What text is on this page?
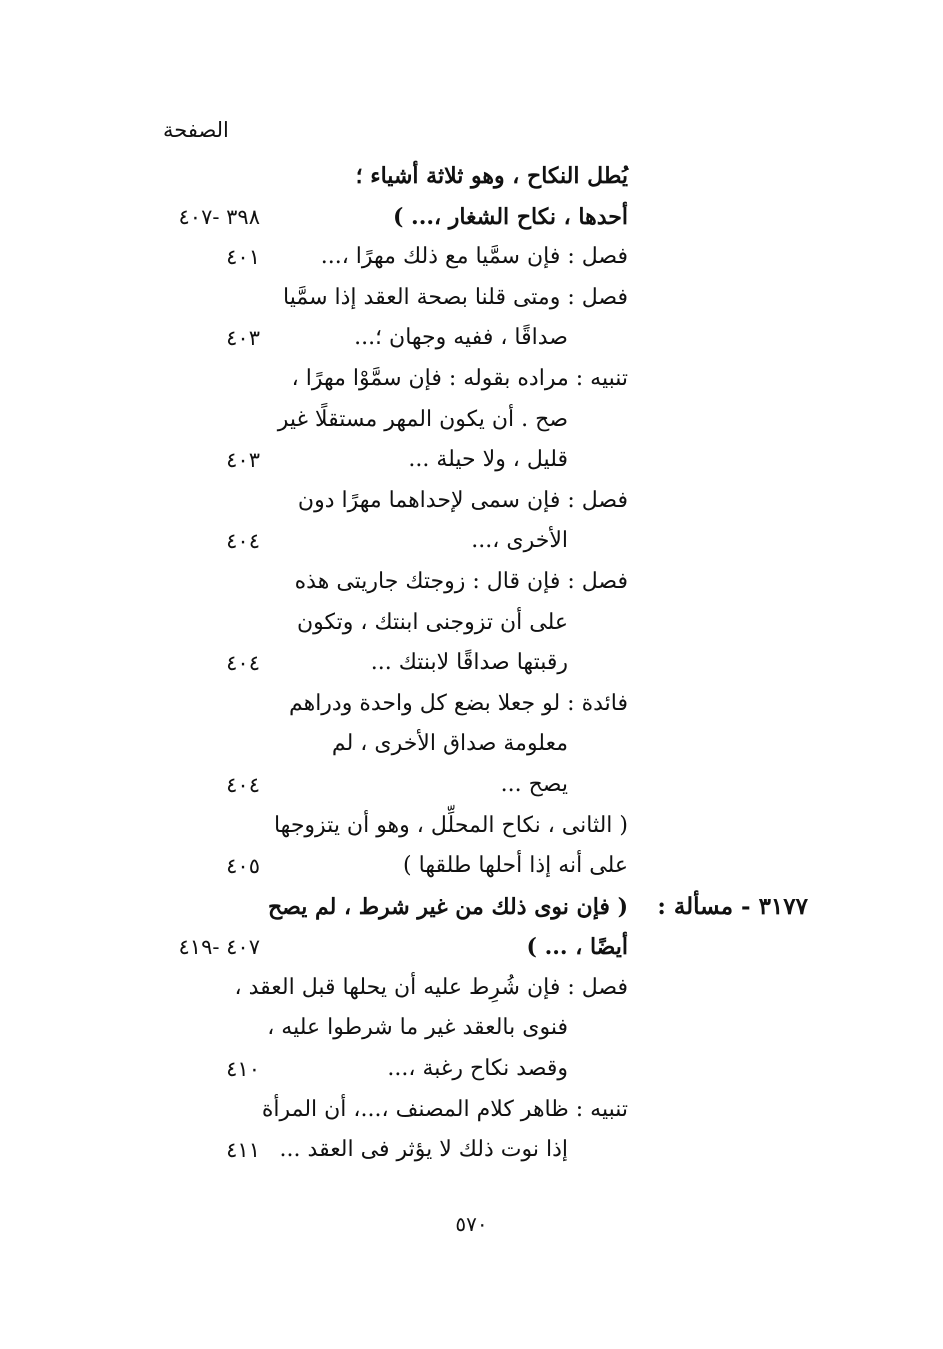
الصفحة
يُطل النكاح ، وهو ثلاثة أشياء ؛
أحدها ، نكاح الشغار ،... )
٣٩٨ -٤٠٧
فصل : فإن سمَّيا مع ذلك مهرًا ،...
٤٠١
فصل : ومتى قلنا بصحة العقد إذا سمَّيا
صداقًا ، ففيه وجهان ؛...
٤٠٣
تنبيه : مراده بقوله : فإن سمَّوْا مهرًا ،
صح . أن يكون المهر مستقلًا غير
قليل ، ولا حيلة ...
٤٠٣
فصل : فإن سمى لإحداهما مهرًا دون
الأخرى ،...
٤٠٤
فصل : فإن قال : زوجتك جاريتى هذه
على أن تزوجنى ابنتك ، وتكون
رقبتها صداقًا لابنتك ...
٤٠٤
فائدة : لو جعلا بضع كل واحدة ودراهم
معلومة صداق الأخرى ، لم
يصح ...
٤٠٤
( الثانى ، نكاح المحلِّل ، وهو أن يتزوجها
على أنه إذا أحلها طلقها )
٤٠٥
٣١٧٧ - مسألة :
( فإن نوى ذلك من غير شرط ، لم يصح
أيضًا ، ... )
٤٠٧ -٤١٩
فصل : فإن شُرِط عليه أن يحلها قبل العقد ،
فنوى بالعقد غير ما شرطوا عليه ،
وقصد نكاح رغبة ،...
٤١٠
تنبيه : ظاهر كلام المصنف ،...، أن المرأة
إذا نوت ذلك لا يؤثر فى العقد ...
٤١١
٥٧٠
